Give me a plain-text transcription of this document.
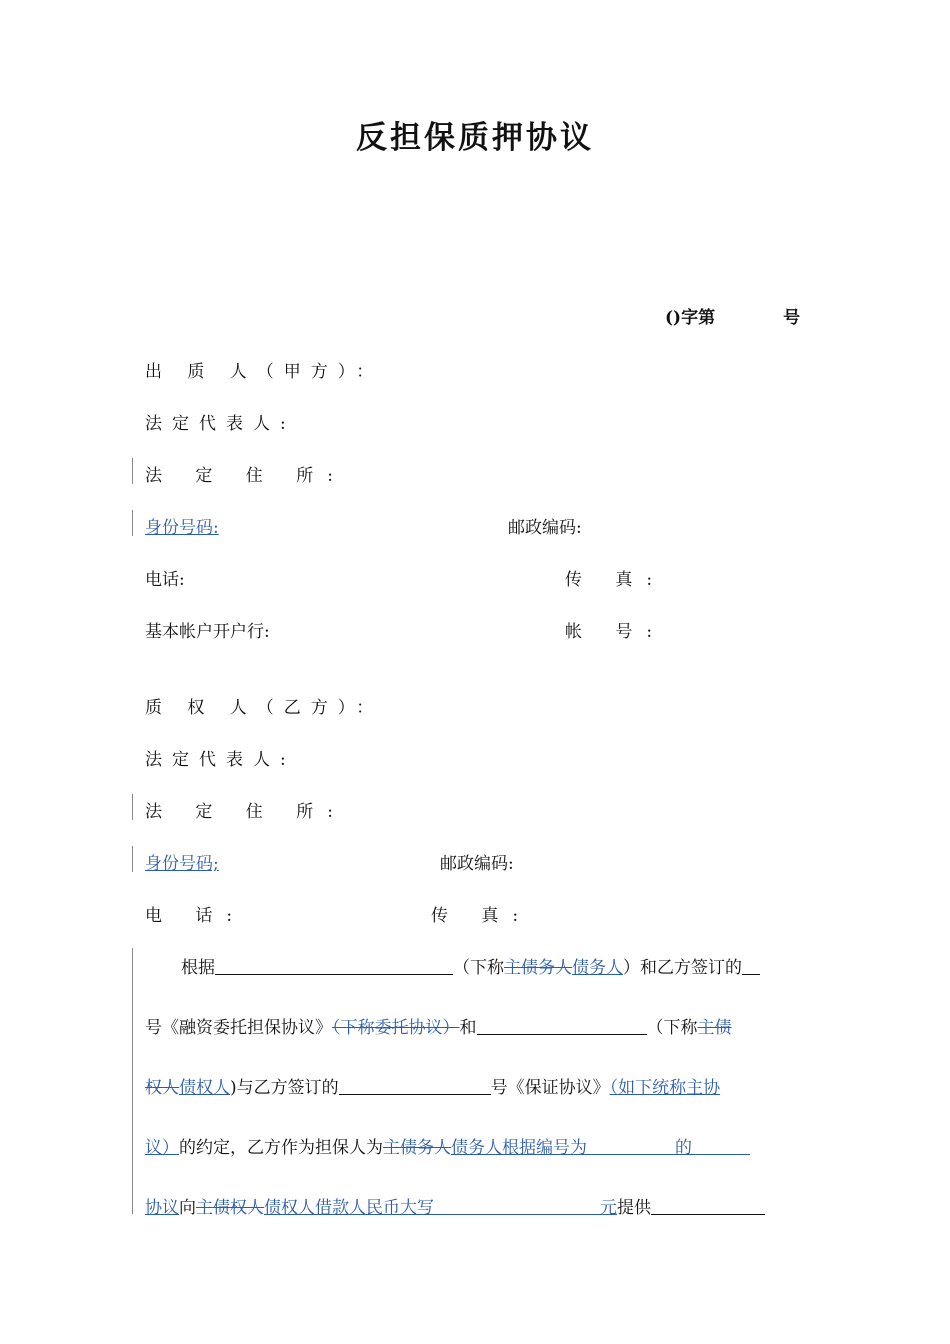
反担保质押协议
()字第	号
出 质 人（甲方）：
法定代表人:
法 定 住 所:
身份号码:	邮政编码:
电话:	传 真:
基本帐户开户行:	帐 号:
质 权 人（乙方）：
法定代表人:
法 定 住 所:
身份号码;	邮政编码:
电 话:	传 真:
根据	（下称主债务人债务人）和乙方签订的
号《融资委托担保协议》（下称委托协议）和	（下称主债
权人债权人)与乙方签订的	号《保证协议》（如下统称主协
议）的约定，乙方作为担保人为主债务人债务人根据编号为	的
协议向主债权人债权人借款人民币大写	元提供
